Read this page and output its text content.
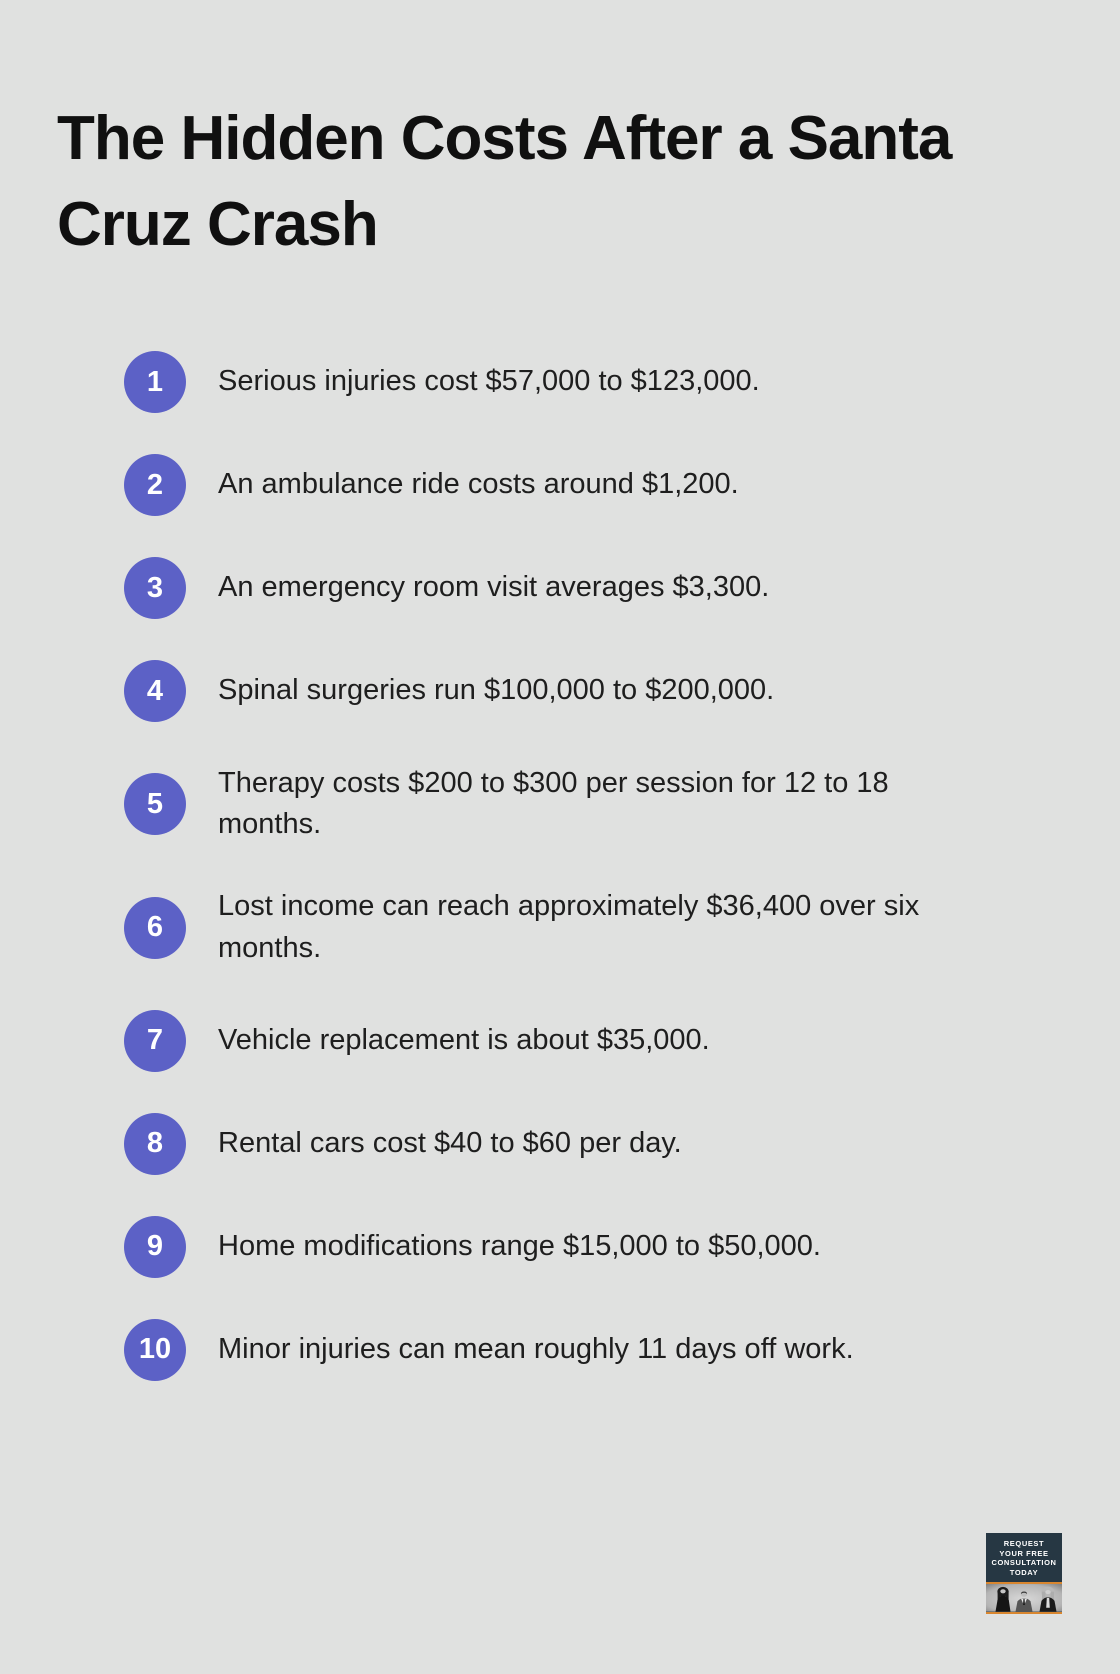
The Hidden Costs After a Santa Cruz Crash
1 Serious injuries cost $57,000 to $123,000.
2 An ambulance ride costs around $1,200.
3 An emergency room visit averages $3,300.
4 Spinal surgeries run $100,000 to $200,000.
5
Therapy costs $200 to $300 per session for 12 to 18 months.
6
Lost income can reach approximately $36,400 over six months.
7 Vehicle replacement is about $35,000.
8 Rental cars cost $40 to $60 per day.
9 Home modifications range $15,000 to $50,000.
10 Minor injuries can mean roughly 11 days off work.
REQUEST
YOUR FREE
CONSULTATION
TODAY
